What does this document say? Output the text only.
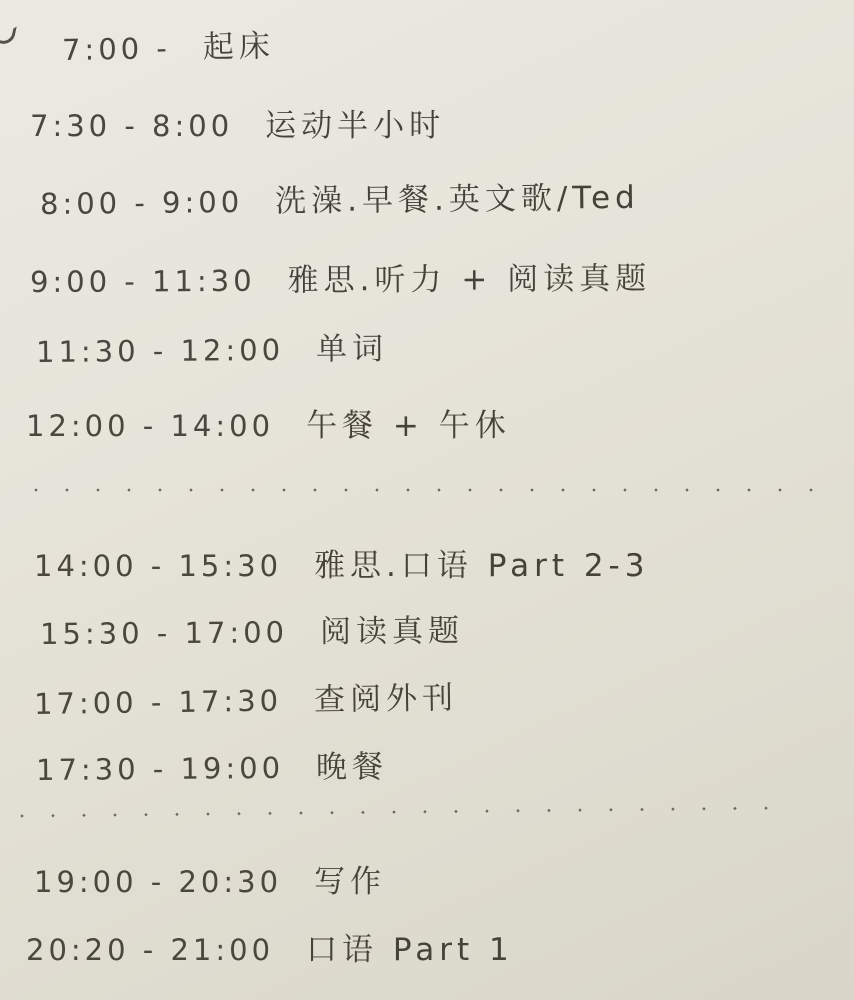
7:00 - 起床
7:30 - 8:00 运动半小时
8:00 - 9:00 洗澡.早餐.英文歌/Ted
9:00 - 11:30 雅思.听力 + 阅读真题
11:30 - 12:00 单词
12:00 - 14:00 午餐 + 午休
14:00 - 15:30 雅思.口语 Part 2-3
15:30 - 17:00 阅读真题
17:00 - 17:30 查阅外刊
17:30 - 19:00 晚餐
19:00 - 20:30 写作
20:20 - 21:00 口语 Part 1
